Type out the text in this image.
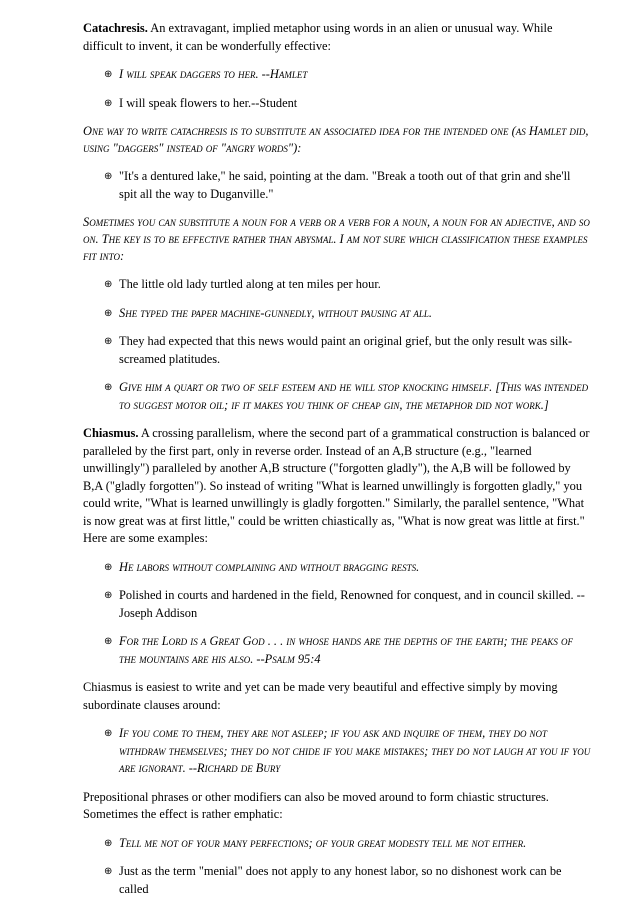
Catachresis. An extravagant, implied metaphor using words in an alien or unusual way. While difficult to invent, it can be wonderfully effective:

⊕ I will speak daggers to her. --Hamlet
⊕ I will speak flowers to her.--Student

One way to write catachresis is to substitute an associated idea for the intended one (as Hamlet did, using "daggers" instead of "angry words"):

⊕ "It's a dentured lake," he said, pointing at the dam. "Break a tooth out of that grin and she'll spit all the way to Duganville."

Sometimes you can substitute a noun for a verb or a verb for a noun, a noun for an adjective, and so on. The key is to be effective rather than abysmal. I am not sure which classification these examples fit into:

⊕ The little old lady turtled along at ten miles per hour.
⊕ She typed the paper machine-gunnedly, without pausing at all.
⊕ They had expected that this news would paint an original grief, but the only result was silk-screamed platitudes.
⊕ Give him a quart or two of self esteem and he will stop knocking himself. [This was intended to suggest motor oil; if it makes you think of cheap gin, the metaphor did not work.]

Chiasmus. A crossing parallelism, where the second part of a grammatical construction is balanced or paralleled by the first part, only in reverse order. Instead of an A,B structure (e.g., "learned unwillingly") paralleled by another A,B structure ("forgotten gladly"), the A,B will be followed by B,A ("gladly forgotten"). So instead of writing "What is learned unwillingly is forgotten gladly," you could write, "What is learned unwillingly is gladly forgotten." Similarly, the parallel sentence, "What is now great was at first little," could be written chiastically as, "What is now great was little at first." Here are some examples:

⊕ He labors without complaining and without bragging rests.
⊕ Polished in courts and hardened in the field, Renowned for conquest, and in council skilled. --Joseph Addison
⊕ For the Lord is a Great God . . . in whose hands are the depths of the earth; the peaks of the mountains are his also. --Psalm 95:4

Chiasmus is easiest to write and yet can be made very beautiful and effective simply by moving subordinate clauses around:

⊕ If you come to them, they are not asleep; if you ask and inquire of them, they do not withdraw themselves; they do not chide if you make mistakes; they do not laugh at you if you are ignorant. --Richard de Bury

Prepositional phrases or other modifiers can also be moved around to form chiastic structures. Sometimes the effect is rather emphatic:

⊕ Tell me not of your many perfections; of your great modesty tell me not either.
⊕ Just as the term "menial" does not apply to any honest labor, so no dishonest work can be called
